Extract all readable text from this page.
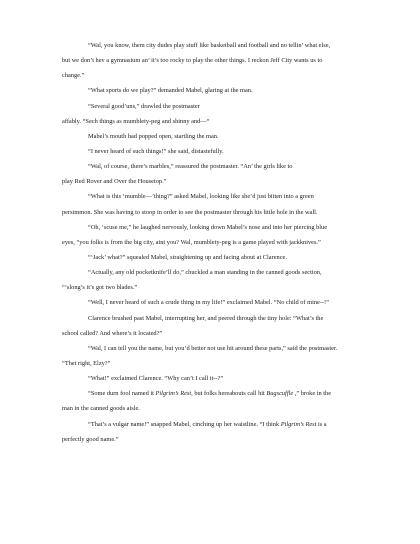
“Wal, you know, them city dudes play stuff like basketball and football and no tellin’ what else,
but we don’t hev a gymnasium an’ it’s too rocky to play the other things. I reckon Jeff City wants us to
change.”
“What sports do we play?” demanded Mabel, glaring at the man.
“Several good’uns,” drawled the postmaster
affably. “Sech things as mumblety-peg and shinny and—“
Mabel’s mouth had popped open, startling the man.
“I never heard of such things!” she said, distastefully.
“Wal, of course, there’s marbles,” reassured the postmaster. “An’ the girls like to
play Red Rover and Over the Housetop.”
“What is this ‘mumble—’thing?” asked Mabel, looking like she’d just bitten into a green
persimmon. She was having to stoop in order to see the postmaster through his little hole in the wall.
“Oh, ‘scuse me,” he laughed nervously, looking down Mabel’s nose and into her piercing blue
eyes, “you folks is from the big city, aint you? Wal, mumblety-peg is a game played with jackknives.”
“‘Jack’ what?” squealed Mabel, straightening up and facing about at Clarence.
“Actually, any old pocketknife’ll do,” chuckled a man standing in the canned goods section,
“‘slong’s it’s got two blades.”
“Well, I never heard of such a crude thing in my life!” exclaimed Mabel. “No child of mine--!”
Clarence brushed past Mabel, interrupting her, and peered through the tiny hole: “What’s the
school called? And where’s it located?”
“Wal, I can tell you the name, but you’d better not use hit around these parts,” said the postmaster.
“Thet right, Elzy?”
“What!” exclaimed Clarence. “Why can’t I call it--?”
“Some durn fool named it Pilgrim’s Rest, but folks hereabouts call hit Bugscuffle ,” broke in the
man in the canned goods aisle.
“That’s a vulgar name!” snapped Mabel, cinching up her waistline. “I think Pilgrim’s Rest is a
perfectly good name.”
